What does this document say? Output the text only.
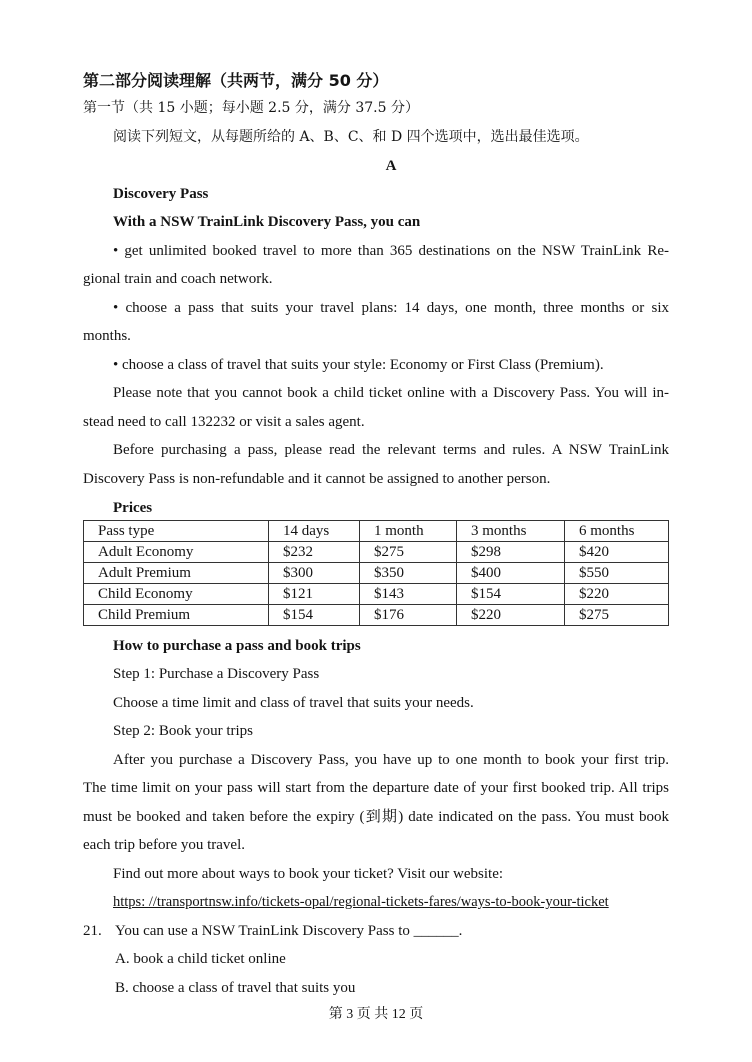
第二部分阅读理解（共两节，满分 50 分）
第一节（共 15 小题；每小题 2.5 分，满分 37.5 分）
阅读下列短文，从每题所给的 A、B、C、和 D 四个选项中，选出最佳选项。
A
Discovery Pass
With a NSW TrainLink Discovery Pass, you can
• get unlimited booked travel to more than 365 destinations on the NSW TrainLink Re-
gional train and coach network.
• choose a pass that suits your travel plans: 14 days, one month, three months or six
months.
• choose a class of travel that suits your style: Economy or First Class (Premium).
Please note that you cannot book a child ticket online with a Discovery Pass. You will in-
stead need to call 132232 or visit a sales agent.
Before purchasing a pass, please read the relevant terms and rules. A NSW TrainLink
Discovery Pass is non-refundable and it cannot be assigned to another person.
Prices
Pass type	14 days	1 month	3 months	6 months
Adult Economy	$232	$275	$298	$420
Adult Premium	$300	$350	$400	$550
Child Economy	$121	$143	$154	$220
Child Premium	$154	$176	$220	$275
How to purchase a pass and book trips
Step 1: Purchase a Discovery Pass
Choose a time limit and class of travel that suits your needs.
Step 2: Book your trips
After you purchase a Discovery Pass, you have up to one month to book your first trip.
The time limit on your pass will start from the departure date of your first booked trip. All trips
must be booked and taken before the expiry (到期) date indicated on the pass. You must book
each trip before you travel.
Find out more about ways to book your ticket? Visit our website:
https: //transportnsw.info/tickets-opal/regional-tickets-fares/ways-to-book-your-ticket
21. You can use a NSW TrainLink Discovery Pass to ______.
A. book a child ticket online
B. choose a class of travel that suits you
第 3 页 共 12 页
